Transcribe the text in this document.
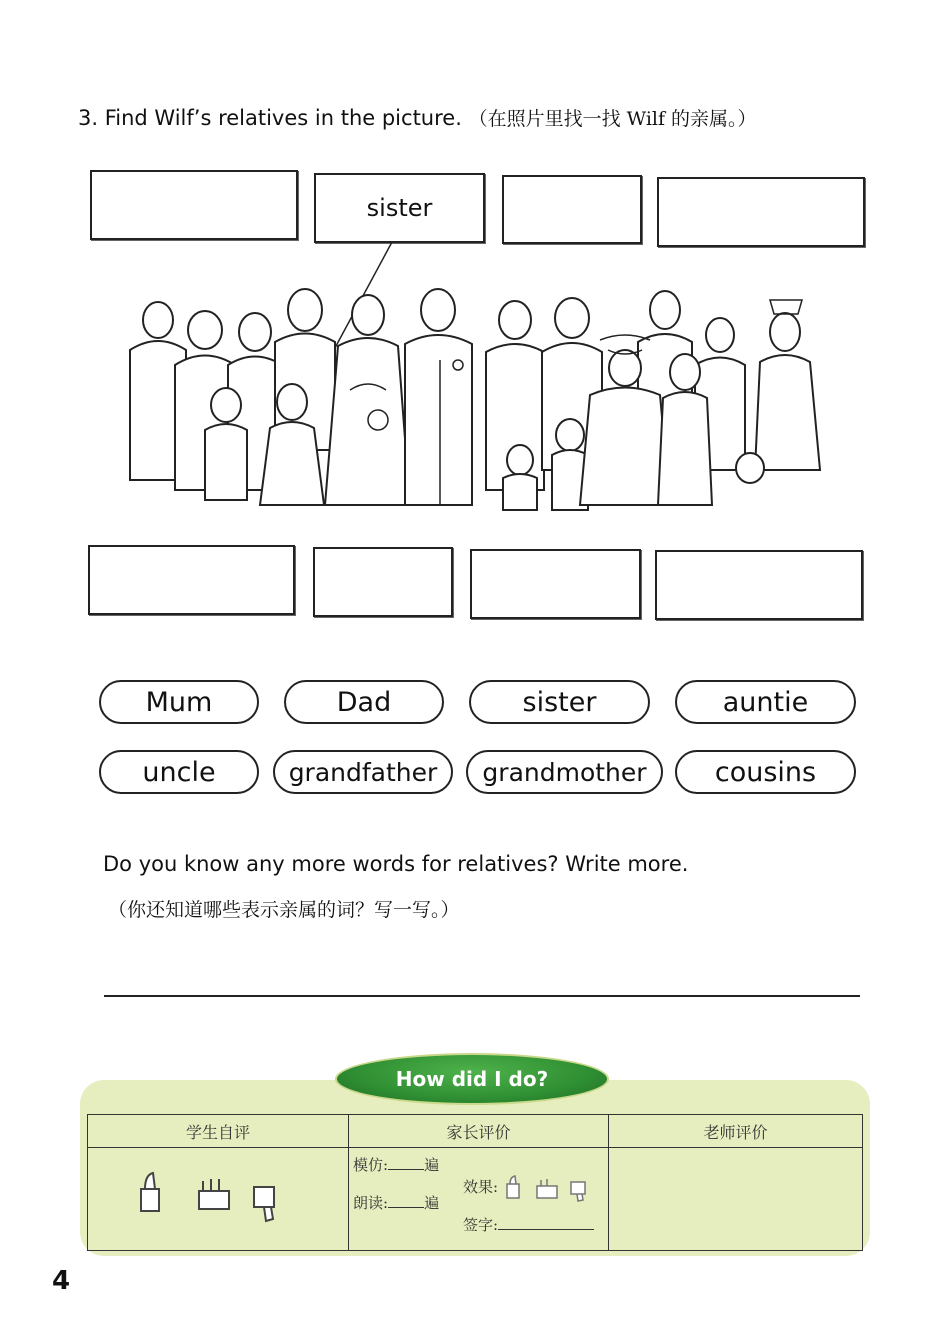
3. Find Wilf’s relatives in the picture. （在照片里找一找 Wilf 的亲属。）
sister
Mum	Dad	sister	auntie
uncle	grandfather	grandmother	cousins
Do you know any more words for relatives? Write more.
（你还知道哪些表示亲属的词？写一写。）
How did I do?
学生自评	家长评价	老师评价

模仿: 遍
朗读: 遍
效果:
签字:	

4
